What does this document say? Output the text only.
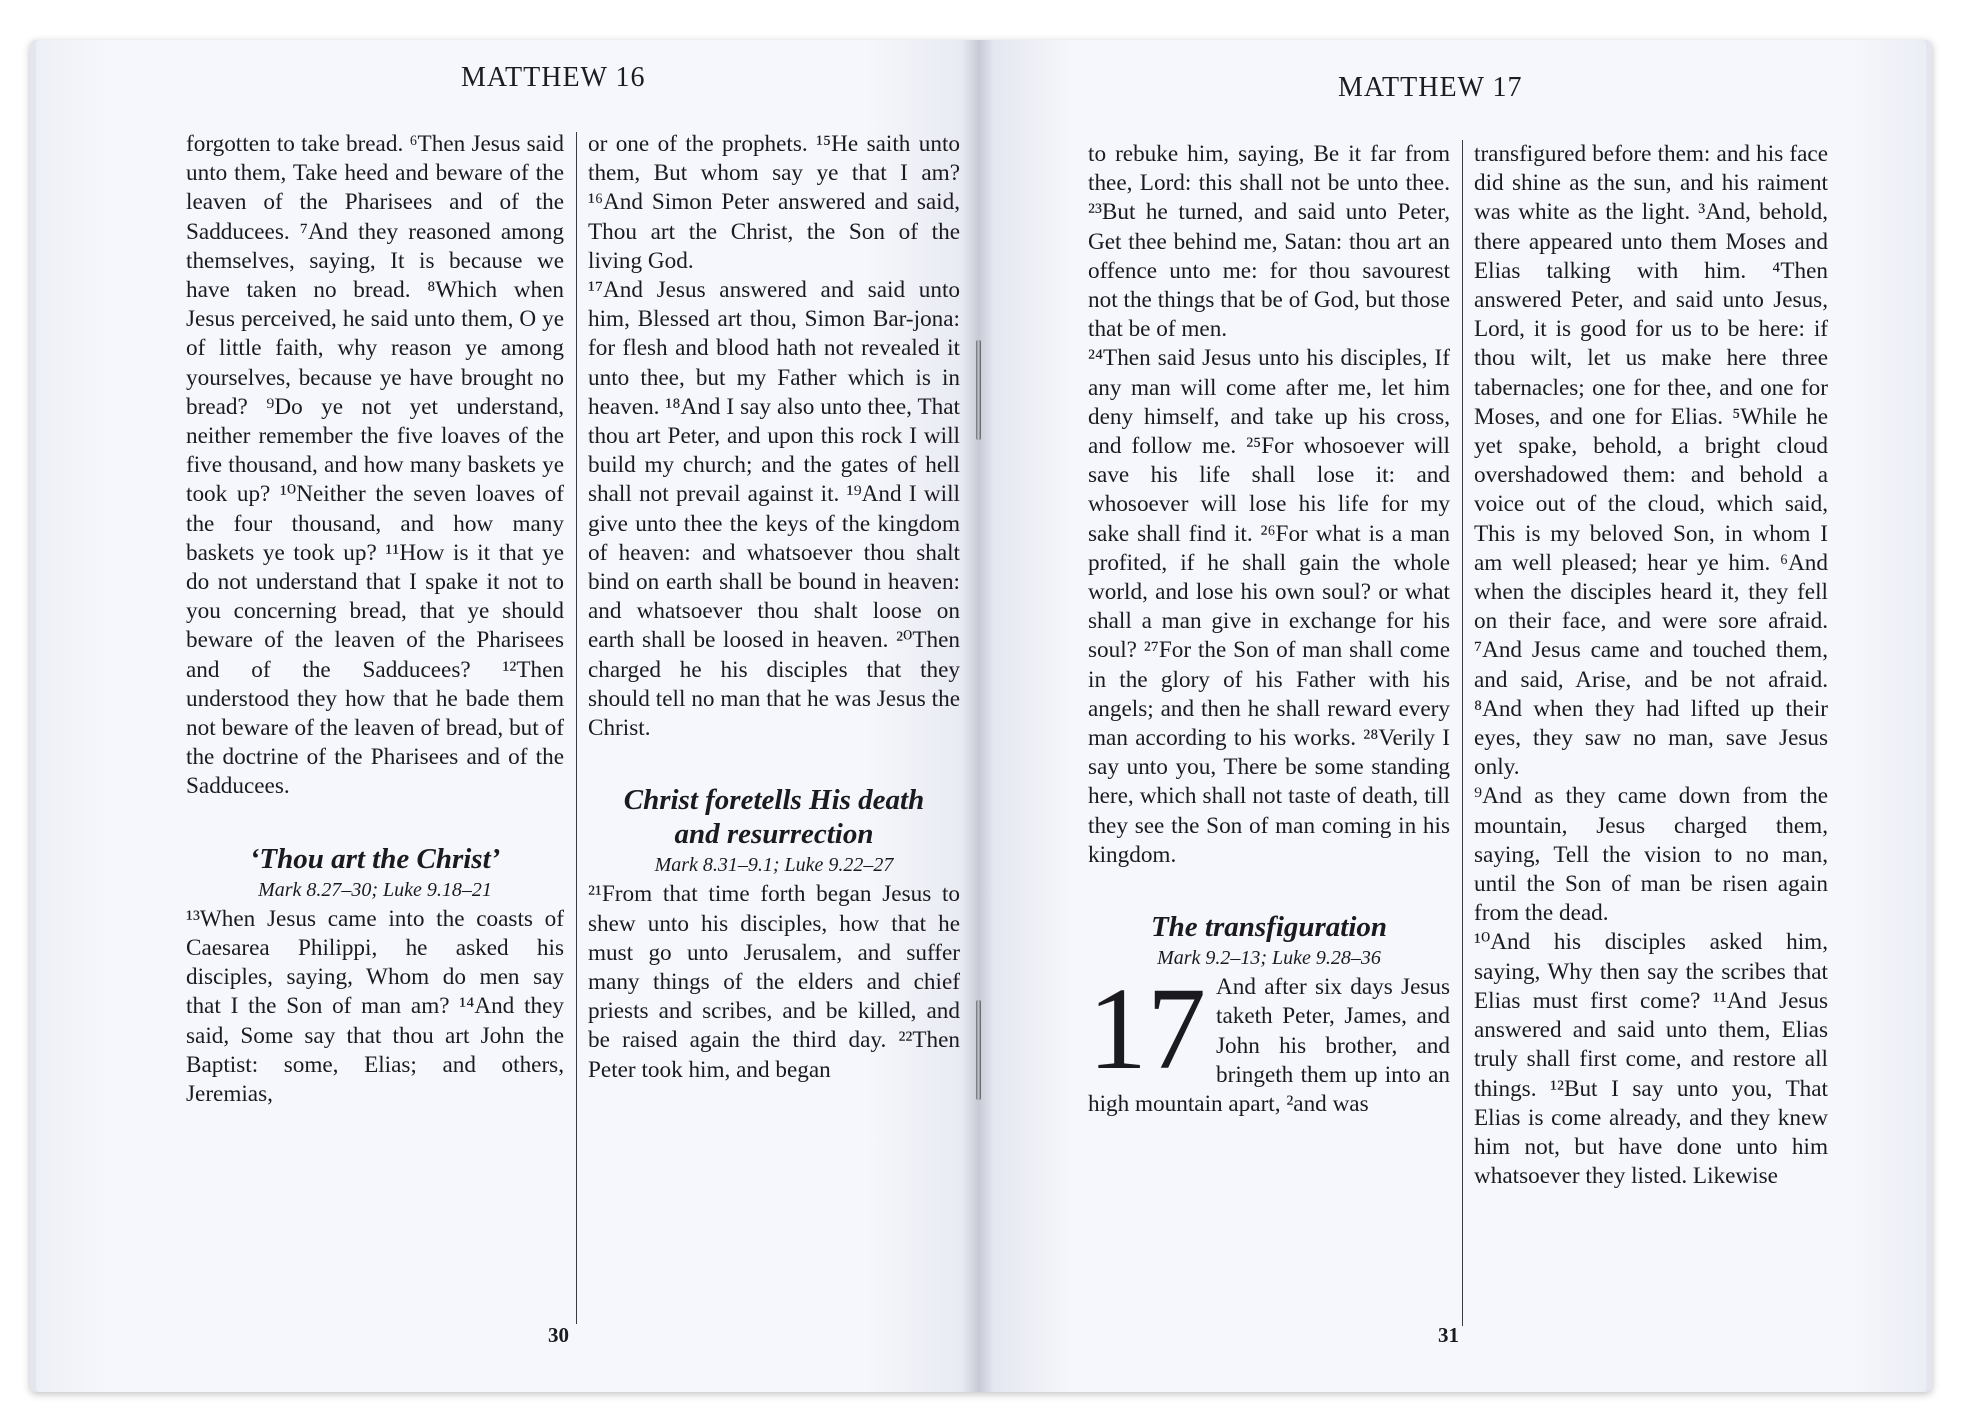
MATTHEW 16

forgotten to take bread. ⁶Then Jesus said unto them, Take heed and beware of the leaven of the Pharisees and of the Sadducees. ⁷And they reasoned among themselves, saying, It is because we have taken no bread. ⁸Which when Jesus perceived, he said unto them, O ye of little faith, why reason ye among yourselves, because ye have brought no bread? ⁹Do ye not yet understand, neither remember the five loaves of the five thousand, and how many baskets ye took up? ¹⁰Neither the seven loaves of the four thousand, and how many baskets ye took up? ¹¹How is it that ye do not understand that I spake it not to you concerning bread, that ye should beware of the leaven of the Pharisees and of the Sadducees? ¹²Then understood they how that he bade them not beware of the leaven of bread, but of the doctrine of the Pharisees and of the Sadducees.

‘Thou art the Christ’

Mark 8.27–30; Luke 9.18–21

¹³When Jesus came into the coasts of Caesarea Philippi, he asked his disciples, saying, Whom do men say that I the Son of man am? ¹⁴And they said, Some say that thou art John the Baptist: some, Elias; and others, Jeremias,

or one of the prophets. ¹⁵He saith unto them, But whom say ye that I am? ¹⁶And Simon Peter answered and said, Thou art the Christ, the Son of the living God.

¹⁷And Jesus answered and said unto him, Blessed art thou, Simon Bar-jona: for flesh and blood hath not revealed it unto thee, but my Father which is in heaven. ¹⁸And I say also unto thee, That thou art Peter, and upon this rock I will build my church; and the gates of hell shall not prevail against it. ¹⁹And I will give unto thee the keys of the kingdom of heaven: and whatsoever thou shalt bind on earth shall be bound in heaven: and whatsoever thou shalt loose on earth shall be loosed in heaven. ²⁰Then charged he his disciples that they should tell no man that he was Jesus the Christ.

Christ foretells His death

and resurrection

Mark 8.31–9.1; Luke 9.22–27

²¹From that time forth began Jesus to shew unto his disciples, how that he must go unto Jerusalem, and suffer many things of the elders and chief priests and scribes, and be killed, and be raised again the third day. ²²Then Peter took him, and began

30
MATTHEW 17

to rebuke him, saying, Be it far from thee, Lord: this shall not be unto thee. ²³But he turned, and said unto Peter, Get thee behind me, Satan: thou art an offence unto me: for thou savourest not the things that be of God, but those that be of men.

²⁴Then said Jesus unto his disciples, If any man will come after me, let him deny himself, and take up his cross, and follow me. ²⁵For whosoever will save his life shall lose it: and whosoever will lose his life for my sake shall find it. ²⁶For what is a man profited, if he shall gain the whole world, and lose his own soul? or what shall a man give in exchange for his soul? ²⁷For the Son of man shall come in the glory of his Father with his angels; and then he shall reward every man according to his works. ²⁸Verily I say unto you, There be some standing here, which shall not taste of death, till they see the Son of man coming in his kingdom.

The transfiguration

Mark 9.2–13; Luke 9.28–36

17 And after six days Jesus taketh Peter, James, and John his brother, and bringeth them up into an high mountain apart, ²and was

transfigured before them: and his face did shine as the sun, and his raiment was white as the light. ³And, behold, there appeared unto them Moses and Elias talking with him. ⁴Then answered Peter, and said unto Jesus, Lord, it is good for us to be here: if thou wilt, let us make here three tabernacles; one for thee, and one for Moses, and one for Elias. ⁵While he yet spake, behold, a bright cloud overshadowed them: and behold a voice out of the cloud, which said, This is my beloved Son, in whom I am well pleased; hear ye him. ⁶And when the disciples heard it, they fell on their face, and were sore afraid. ⁷And Jesus came and touched them, and said, Arise, and be not afraid. ⁸And when they had lifted up their eyes, they saw no man, save Jesus only.

⁹And as they came down from the mountain, Jesus charged them, saying, Tell the vision to no man, until the Son of man be risen again from the dead.

¹⁰And his disciples asked him, saying, Why then say the scribes that Elias must first come? ¹¹And Jesus answered and said unto them, Elias truly shall first come, and restore all things. ¹²But I say unto you, That Elias is come already, and they knew him not, but have done unto him whatsoever they listed. Likewise

31
